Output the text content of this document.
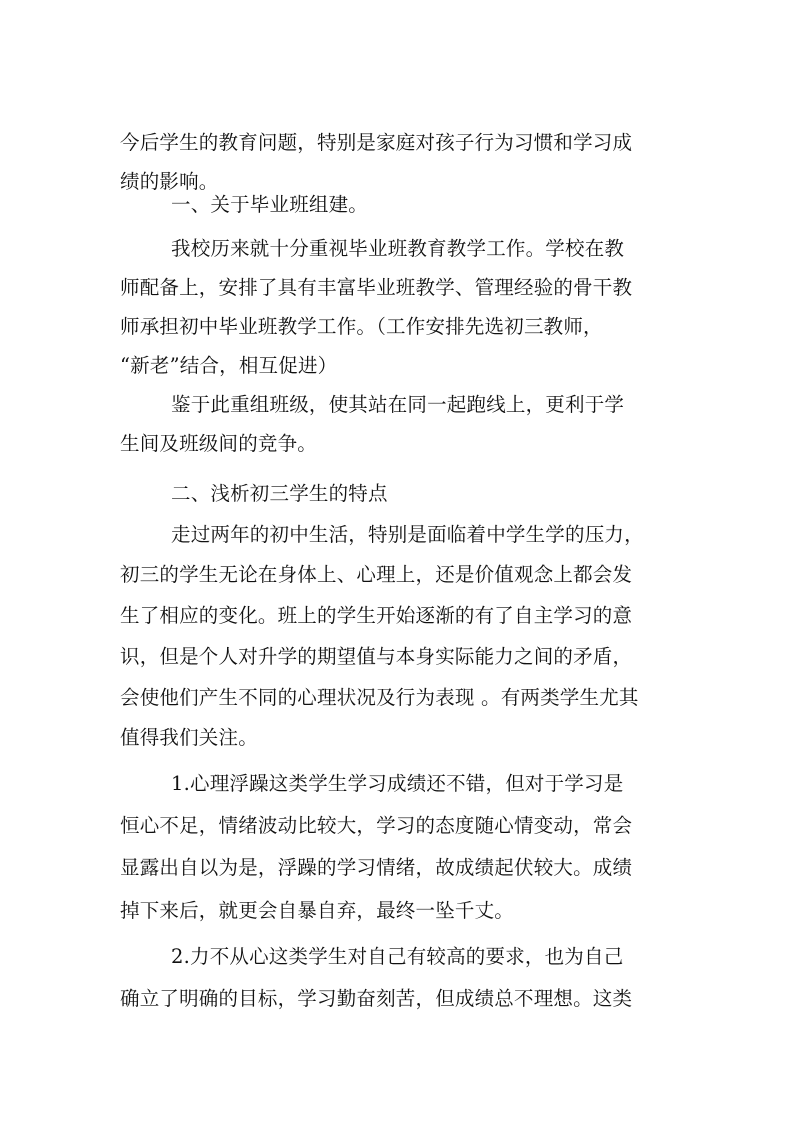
今后学生的教育问题，特别是家庭对孩子行为习惯和学习成
绩的影响。
一、关于毕业班组建。
我校历来就十分重视毕业班教育教学工作。学校在教
师配备上，安排了具有丰富毕业班教学、管理经验的骨干教
师承担初中毕业班教学工作。（工作安排先选初三教师，
“新老”结合，相互促进）
鉴于此重组班级，使其站在同一起跑线上，更利于学
生间及班级间的竞争。
二、浅析初三学生的特点
走过两年的初中生活，特别是面临着中学生学的压力，
初三的学生无论在身体上、心理上，还是价值观念上都会发
生了相应的变化。班上的学生开始逐渐的有了自主学习的意
识，但是个人对升学的期望值与本身实际能力之间的矛盾，
会使他们产生不同的心理状况及行为表现 。有两类学生尤其
值得我们关注。
1.心理浮躁这类学生学习成绩还不错，但对于学习是
恒心不足，情绪波动比较大，学习的态度随心情变动，常会
显露出自以为是，浮躁的学习情绪，故成绩起伏较大。成绩
掉下来后，就更会自暴自弃，最终一坠千丈。
2.力不从心这类学生对自己有较高的要求，也为自己
确立了明确的目标，学习勤奋刻苦，但成绩总不理想。这类
